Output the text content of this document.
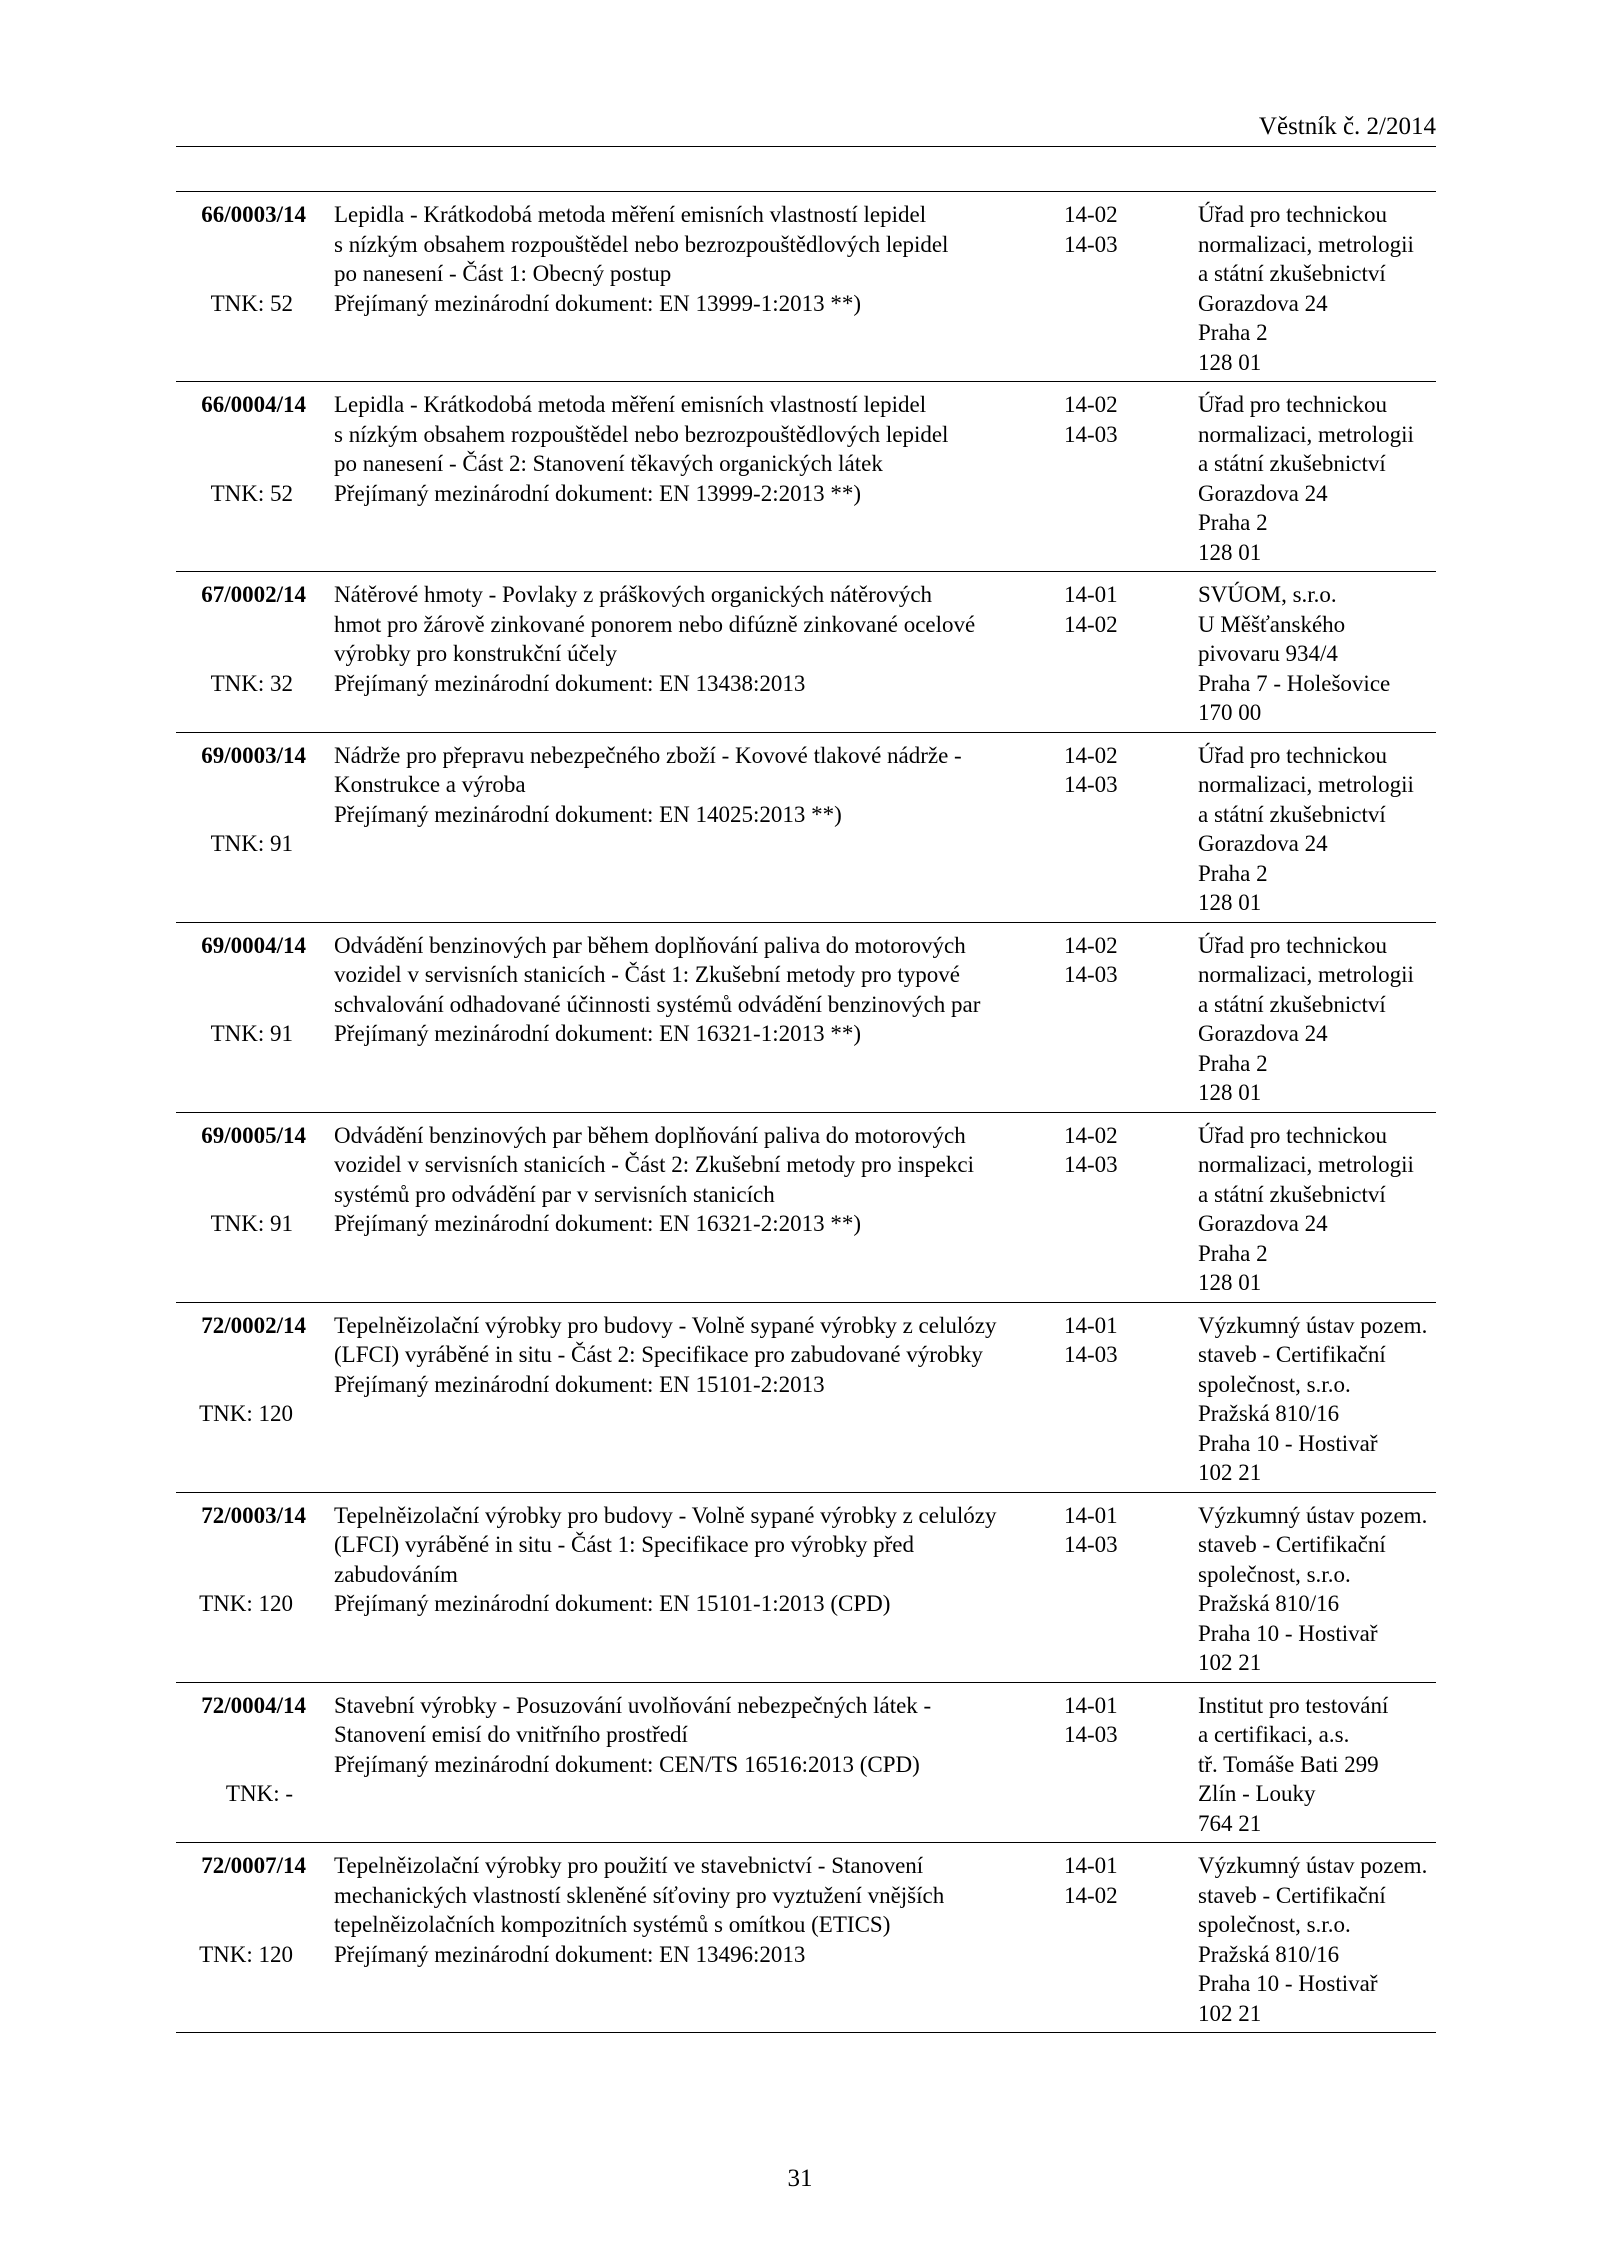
Věstník č. 2/2014
66/0003/14
TNK: 52
Lepidla - Krátkodobá metoda měření emisních vlastností lepidel
s nízkým obsahem rozpouštědel nebo bezrozpouštědlových lepidel
po nanesení - Část 1: Obecný postup
Přejímaný mezinárodní dokument: EN 13999-1:2013 **)
14-02
14-03
Úřad pro technickou
normalizaci, metrologii
a státní zkušebnictví
Gorazdova 24
Praha 2
128 01
66/0004/14
TNK: 52
Lepidla - Krátkodobá metoda měření emisních vlastností lepidel
s nízkým obsahem rozpouštědel nebo bezrozpouštědlových lepidel
po nanesení - Část 2: Stanovení těkavých organických látek
Přejímaný mezinárodní dokument: EN 13999-2:2013 **)
14-02
14-03
Úřad pro technickou
normalizaci, metrologii
a státní zkušebnictví
Gorazdova 24
Praha 2
128 01
67/0002/14
TNK: 32
Nátěrové hmoty - Povlaky z práškových organických nátěrových
hmot pro žárově zinkované ponorem nebo difúzně zinkované ocelové
výrobky pro konstrukční účely
Přejímaný mezinárodní dokument: EN 13438:2013
14-01
14-02
SVÚOM, s.r.o.
U Měšťanského
pivovaru 934/4
Praha 7 - Holešovice
170 00
69/0003/14
TNK: 91
Nádrže pro přepravu nebezpečného zboží - Kovové tlakové nádrže -
Konstrukce a výroba
Přejímaný mezinárodní dokument: EN 14025:2013 **)
14-02
14-03
Úřad pro technickou
normalizaci, metrologii
a státní zkušebnictví
Gorazdova 24
Praha 2
128 01
69/0004/14
TNK: 91
Odvádění benzinových par během doplňování paliva do motorových
vozidel v servisních stanicích - Část 1: Zkušební metody pro typové
schvalování odhadované účinnosti systémů odvádění benzinových par
Přejímaný mezinárodní dokument: EN 16321-1:2013 **)
14-02
14-03
Úřad pro technickou
normalizaci, metrologii
a státní zkušebnictví
Gorazdova 24
Praha 2
128 01
69/0005/14
TNK: 91
Odvádění benzinových par během doplňování paliva do motorových
vozidel v servisních stanicích - Část 2: Zkušební metody pro inspekci
systémů pro odvádění par v servisních stanicích
Přejímaný mezinárodní dokument: EN 16321-2:2013 **)
14-02
14-03
Úřad pro technickou
normalizaci, metrologii
a státní zkušebnictví
Gorazdova 24
Praha 2
128 01
72/0002/14
TNK: 120
Tepelněizolační výrobky pro budovy - Volně sypané výrobky z celulózy
(LFCI) vyráběné in situ - Část 2: Specifikace pro zabudované výrobky
Přejímaný mezinárodní dokument: EN 15101-2:2013
14-01
14-03
Výzkumný ústav pozem.
staveb - Certifikační
společnost, s.r.o.
Pražská 810/16
Praha 10 - Hostivař
102 21
72/0003/14
TNK: 120
Tepelněizolační výrobky pro budovy - Volně sypané výrobky z celulózy
(LFCI) vyráběné in situ - Část 1: Specifikace pro výrobky před
zabudováním
Přejímaný mezinárodní dokument: EN 15101-1:2013 (CPD)
14-01
14-03
Výzkumný ústav pozem.
staveb - Certifikační
společnost, s.r.o.
Pražská 810/16
Praha 10 - Hostivař
102 21
72/0004/14
TNK: -
Stavební výrobky - Posuzování uvolňování nebezpečných látek -
Stanovení emisí do vnitřního prostředí
Přejímaný mezinárodní dokument: CEN/TS 16516:2013 (CPD)
14-01
14-03
Institut pro testování
a certifikaci, a.s.
tř. Tomáše Bati 299
Zlín - Louky
764 21
72/0007/14
TNK: 120
Tepelněizolační výrobky pro použití ve stavebnictví - Stanovení
mechanických vlastností skleněné síťoviny pro vyztužení vnějších
tepelněizolačních kompozitních systémů s omítkou (ETICS)
Přejímaný mezinárodní dokument: EN 13496:2013
14-01
14-02
Výzkumný ústav pozem.
staveb - Certifikační
společnost, s.r.o.
Pražská 810/16
Praha 10 - Hostivař
102 21
31
